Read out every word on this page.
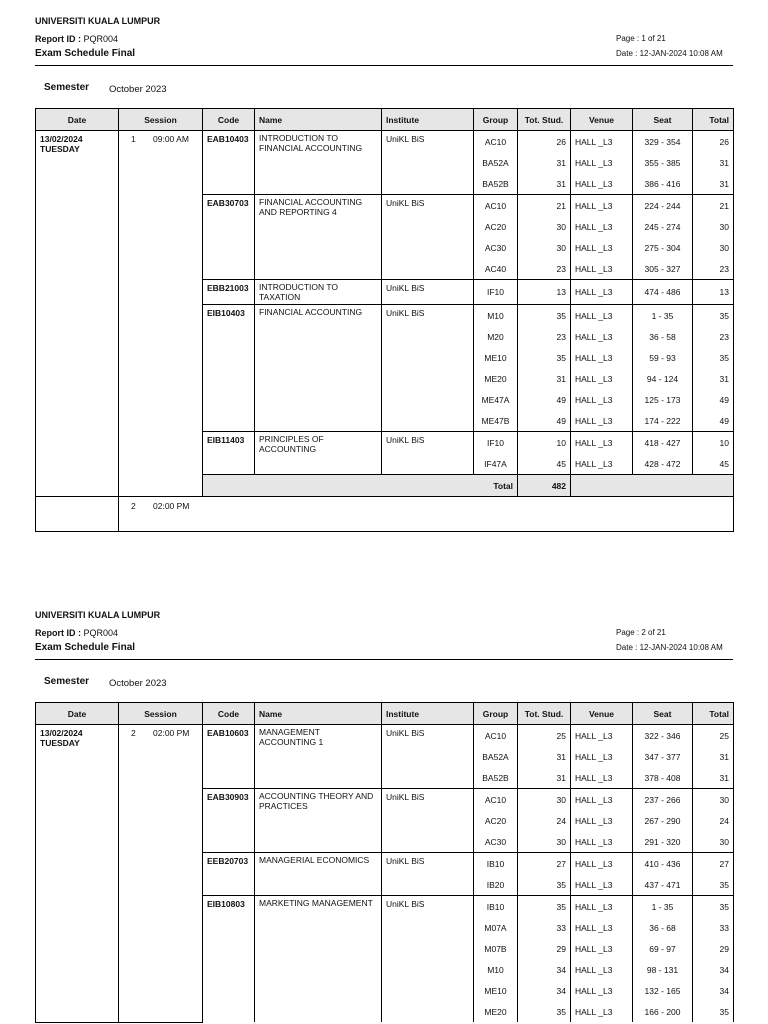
UNIVERSITI KUALA LUMPUR
Report ID : PQR004
Exam Schedule Final
Page : 1 of 21
Date : 12-JAN-2024 10:08 AM
Semester October 2023
Date	Session	Code	Name	Institute	Group	Tot. Stud.	Venue	Seat	Total

13/02/2024
TUESDAY	1 09:00 AM	EAB10403	INTRODUCTION TO FINANCIAL ACCOUNTING	UniKL BiS	AC10	26	HALL _L3	329 - 354	26
					BA52A	31	HALL _L3	355 - 385	31
					BA52B	31	HALL _L3	386 - 416	31
		EAB30703	FINANCIAL ACCOUNTING AND REPORTING 4	UniKL BiS	AC10	21	HALL _L3	224 - 244	21
					AC20	30	HALL _L3	245 - 274	30
					AC30	30	HALL _L3	275 - 304	30
					AC40	23	HALL _L3	305 - 327	23
		EBB21003	INTRODUCTION TO TAXATION	UniKL BiS	IF10	13	HALL _L3	474 - 486	13
		EIB10403	FINANCIAL ACCOUNTING	UniKL BiS	M10	35	HALL _L3	1 - 35	35
					M20	23	HALL _L3	36 - 58	23
					ME10	35	HALL _L3	59 - 93	35
					ME20	31	HALL _L3	94 - 124	31
					ME47A	49	HALL _L3	125 - 173	49
					ME47B	49	HALL _L3	174 - 222	49
		EIB11403	PRINCIPLES OF ACCOUNTING	UniKL BiS	IF10	10	HALL _L3	418 - 427	10
					IF47A	45	HALL _L3	428 - 472	45
		Total				482			
	2 02:00 PM								
UNIVERSITI KUALA LUMPUR
Report ID : PQR004
Exam Schedule Final
Page : 2 of 21
Date : 12-JAN-2024 10:08 AM
Semester October 2023
Date	Session	Code	Name	Institute	Group	Tot. Stud.	Venue	Seat	Total

13/02/2024
TUESDAY	2 02:00 PM	EAB10603	MANAGEMENT ACCOUNTING 1	UniKL BiS	AC10	25	HALL _L3	322 - 346	25
					BA52A	31	HALL _L3	347 - 377	31
					BA52B	31	HALL _L3	378 - 408	31
		EAB30903	ACCOUNTING THEORY AND PRACTICES	UniKL BiS	AC10	30	HALL _L3	237 - 266	30
					AC20	24	HALL _L3	267 - 290	24
					AC30	30	HALL _L3	291 - 320	30
		EEB20703	MANAGERIAL ECONOMICS	UniKL BiS	IB10	27	HALL _L3	410 - 436	27
					IB20	35	HALL _L3	437 - 471	35
		EIB10803	MARKETING MANAGEMENT	UniKL BiS	IB10	35	HALL _L3	1 - 35	35
					M07A	33	HALL _L3	36 - 68	33
					M07B	29	HALL _L3	69 - 97	29
					M10	34	HALL _L3	98 - 131	34
					ME10	34	HALL _L3	132 - 165	34
					ME20	35	HALL _L3	166 - 200	35
